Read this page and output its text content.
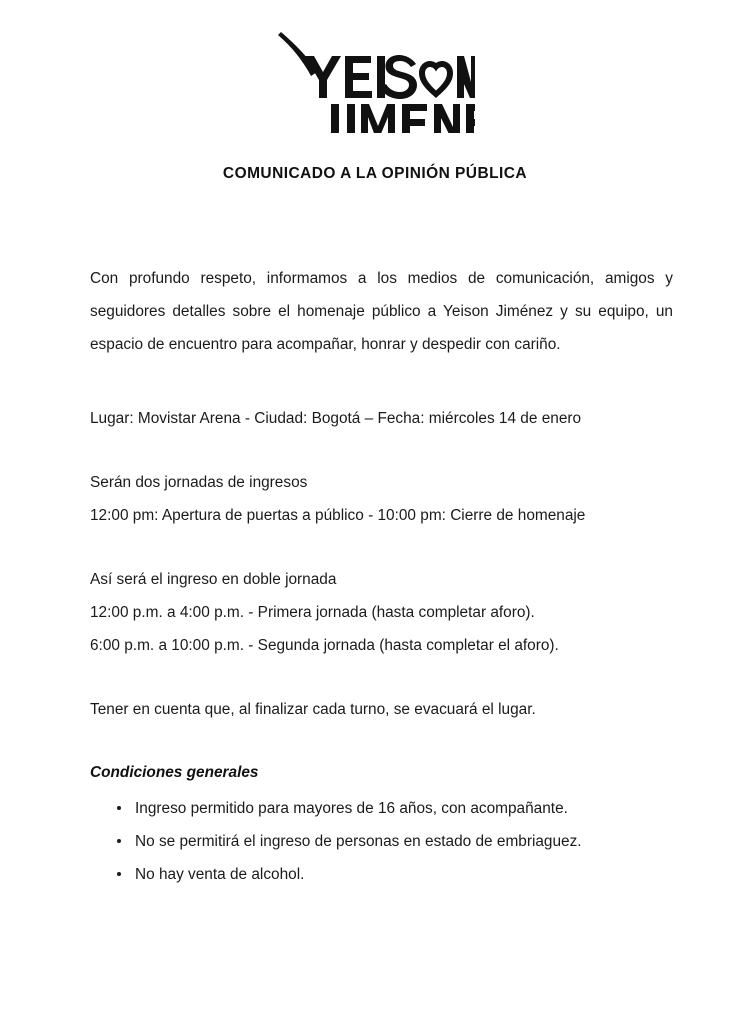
COMUNICADO A LA OPINIÓN PÚBLICA

Con profundo respeto, informamos a los medios de comunicación, amigos y seguidores detalles sobre el homenaje público a Yeison Jiménez y su equipo, un espacio de encuentro para acompañar, honrar y despedir con cariño.

Lugar: Movistar Arena - Ciudad: Bogotá – Fecha: miércoles 14 de enero
Serán dos jornadas de ingresos
12:00 pm: Apertura de puertas a público - 10:00 pm: Cierre de homenaje
Así será el ingreso en doble jornada
12:00 p.m. a 4:00 p.m. - Primera jornada (hasta completar aforo).
6:00 p.m. a 10:00 p.m. - Segunda jornada (hasta completar el aforo).
Tener en cuenta que, al finalizar cada turno, se evacuará el lugar.
Condiciones generales
Ingreso permitido para mayores de 16 años, con acompañante.
No se permitirá el ingreso de personas en estado de embriaguez.
No hay venta de alcohol.
